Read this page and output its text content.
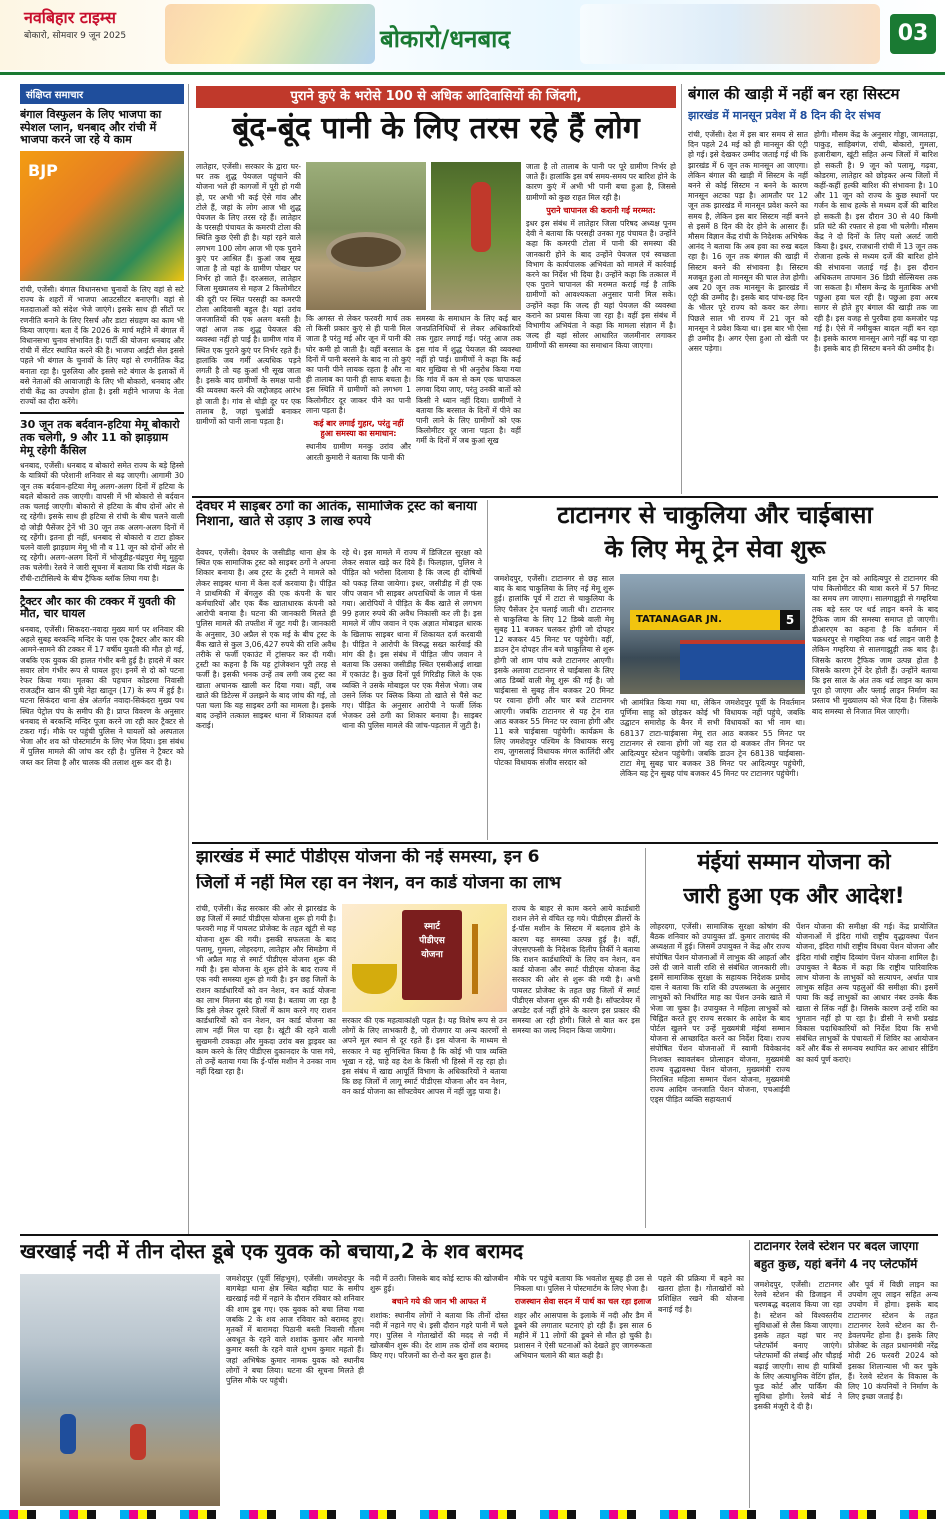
नवबिहार टाइम्स
बोकारो, सोमवार 9 जून 2025	बोकारो/धनबाद	03
संक्षिप्त समाचार
बंगाल विस्फुलन के लिए भाजपा का स्पेशल प्लान, धनबाद और रांची में भाजपा करने जा रहे ये काम
BJP
रांची, एजेंसी। बंगाल विधानसभा चुनावों के लिए वहां से सटे राज्य के शहरों में भाजपा आउटसीटर बनाएगी। वहां से मतदाताओं को संदेश भेजे जाएंगे। इसके साथ ही सीटों पर रणनीति बनाने के लिए रिसर्च और डाटा संग्रहण का काम भी किया जाएगा। बता दें कि 2026 के मार्च महीने में बंगाल में विधानसभा चुनाव संभावित है। पार्टी की योजना धनबाद और रांची में सेंटर स्थापित करने की है। भाजपा आईटी सेल इससे पहले भी बंगाल के चुनावों के लिए यहां से रणनीतिक केंद्र बनाता रहा है। पुरुलिया और इससे सटे बंगाल के इलाकों में बसे नेताओं की आवाजाही के लिए भी बोकारो, धनबाद और रांची केंद्र का उपयोग होता है। इसी महीने भाजपा के नेता राज्यों का दौरा करेंगे।
30 जून तक बर्दवान-हटिया मेमू बोकारो तक चलेगी, 9 और 11 को झाड़ग्राम मेमू रहेगी कैंसिल
धनबाद, एजेंसी। धनबाद व बोकारो समेत राज्य के बड़े हिस्से के यात्रियों की परेशानी शनिवार से बढ़ जाएगी। आगामी 30 जून तक बर्दवान-हटिया मेमू अलग-अलग दिनों में हटिया के बदले बोकारो तक जाएगी। वापसी में भी बोकारो से बर्दवान तक चलाई जाएगी। बोकारो से हटिया के बीच दोनों ओर से रद्द रहेगी। इसके साथ ही हटिया से रांची के बीच चलने वाली दो जोड़ी पैसेंजर ट्रेनें भी 30 जून तक अलग-अलग दिनों में रद्द रहेंगी। इतना ही नहीं, धनबाद से बोकारो व टाटा होकर चलने वाली झाड़ग्राम मेमू भी नौ व 11 जून को दोनों ओर से रद्द रहेगी। अलग-अलग दिनों में भोजूडीह-चंद्रपुरा मेमू मुहुदा तक चलेगी। रेलवे ने जारी सूचना में बताया कि रांची मंडल के राँची-टाटीसिल्वे के बीच ट्रैफिक ब्लॉक लिया गया है।
ट्रैक्टर और कार की टक्कर में युवती की मौत, चार घायल
धनबाद, एजेंसी। सिकदरा-नवादा मुख्य मार्ग पर शनिवार की अहले सुबह बरकन्दि मन्दिर के पास एक ट्रैक्टर और कार की आमने-सामने की टक्कर में 17 वर्षीय युवती की मौत हो गई, जबकि एक युवक की हालत गंभीर बनी हुई है। हादसे में कार सवार लोग गंभीर रूप से घायल हुए। इनमें से दो को पटना रेफर किया गया। मृतका की पहचान कोडरमा निवासी राजउद्दीन खान की पुत्री नेहा खातून (17) के रूप में हुई है। घटना सिकंदरा थाना क्षेत्र अंतर्गत नवादा-सिकंदरा मुख्य पथ स्थित पेट्रोल पंप के समीप की है। प्राप्त विवरण के अनुसार धनबाद से बरकन्दि मन्दिर पूजा करने जा रही कार ट्रैक्टर से टकरा गई। मौके पर पहुंची पुलिस ने घायलों को अस्पताल भेजा और शव को पोस्टमार्टम के लिए भेज दिया। इस संबंध में पुलिस मामले की जांच कर रही है। पुलिस ने ट्रैक्टर को जब्त कर लिया है और चालक की तलाश शुरू कर दी है।
पुराने कुएं के भरोसे 100 से अधिक आदिवासियों की जिंदगी,
बूंद-बूंद पानी के लिए तरस रहे हैं लोग
लातेहार, एजेंसी। सरकार के द्वारा घर-घर तक शुद्ध पेयजल पहुंचाने की योजना भले ही कागजों में पूरी हो गयी हो, पर अभी भी कई ऐसे गांव और टोले हैं, जहां के लोग आज भी शुद्ध पेयजल के लिए तरस रहे हैं। लातेहार के परसही पंचायत के कमरपी टोला की स्थिति कुछ ऐसी ही है। यहां रहने वाले लगभग 100 लोग आज भी एक पुराने कुएं पर आश्रित हैं। कुआं जब सूख जाता है तो यहां के ग्रामीण पोखर पर निर्भर हो जाते हैं। दरअसल, लातेहार जिला मुख्यालय से महज 2 किलोमीटर की दूरी पर स्थित परसही का कमरपी टोला आदिवासी बहुल है। यहां उरांव जनजातियों की एक अलग बस्ती है। जहां आज तक शुद्ध पेयजल की व्यवस्था नहीं हो पाई है। ग्रामीण गांव में स्थित एक पुराने कुएं पर निर्भर रहते हैं। हालांकि जब गर्मी अत्यधिक पड़ने लगती है तो यह कुआं भी सूख जाता है। इसके बाद ग्रामीणों के समक्ष पानी की व्यवस्था करने की जद्दोजहद आरंभ हो जाती है। गांव से थोड़ी दूर पर एक तालाब है, जहां चुआंडी बनाकर ग्रामीणों को पानी लाना पड़ता है।
कि अगस्त से लेकर फरवरी मार्च तक तो किसी प्रकार कुएं से ही पानी मिल जाता है परंतु मई और जून में पानी की घोर कमी हो जाती है। वहीं बरसात के दिनों में पानी बरसने के बाद ना तो कुएं का पानी पीने लायक रहता है और ना ही तालाब का पानी ही साफ बचता है। इस स्थिति में ग्रामीणों को लगभग 1 किलोमीटर दूर जाकर पीने का पानी लाना पड़ता है।
कई बार लगाई गुहार, परंतु नहीं हुआ समस्या का समाधान:
स्थानीय ग्रामीण मनकु उरांव और आरती कुमारी ने बताया कि पानी की
समस्या के समाधान के लिए कई बार जनप्रतिनिधियों से लेकर अधिकारियों तक गुहार लगाई गई। परंतु आज तक इस गांव में शुद्ध पेयजल की व्यवस्था नहीं हो पाई। ग्रामीणों ने कहा कि कई बार मुखिया से भी अनुरोध किया गया कि गांव में कम से कम एक चापाकल लगवा दिया जाए, परंतु उनकी बातों को किसी ने ध्यान नहीं दिया। ग्रामीणों ने बताया कि बरसात के दिनों में पीने का पानी लाने के लिए ग्रामीणों को एक किलोमीटर दूर जाना पड़ता है। वहीं गर्मी के दिनों में जब कुआं सूख
जाता है तो तालाब के पानी पर पूरे ग्रामीण निर्भर हो जाते हैं। हालांकि इस वर्ष समय-समय पर बारिश होने के कारण कुएं में अभी भी पानी बचा हुआ है, जिससे ग्रामीणों को कुछ राहत मिल रही है।
पुराने चापानल की करानी गई मरम्मत:
इधर इस संबंध में लातेहार जिला परिषद अध्यक्ष पूनम देवी ने बताया कि परसही उनका गृह पंचायत है। उन्होंने कहा कि कमरपी टोला में पानी की समस्या की जानकारी होने के बाद उन्होंने पेयजल एवं स्वच्छता विभाग के कार्यपालक अभियंता को मामले में कार्रवाई करने का निर्देश भी दिया है। उन्होंने कहा कि तत्काल में एक पुराने चापानल की मरम्मत कराई गई है ताकि ग्रामीणों को आवश्यकता अनुसार पानी मिल सके। उन्होंने कहा कि जल्द ही यहां पेयजल की व्यवस्था कराने का प्रयास किया जा रहा है। वहीं इस संबंध में विभागीय अभियंता ने कहा कि मामला संज्ञान में है। जल्द ही यहां सोलर आधारित जलमीनार लगाकर ग्रामीणों की समस्या का समाधान किया जाएगा।
बंगाल की खाड़ी में नहीं बन रहा सिस्टम
झारखंड में मानसून प्रवेश में 8 दिन की देर संभव
रांची, एजेंसी। देश में इस बार समय से सात दिन पहले 24 मई को ही मानसून की एंट्री हो गई। इसे देखकर उम्मीद जताई गई थी कि झारखंड में 6 जून तक मानसून आ जाएगा। लेकिन बंगाल की खाड़ी में सिस्टम के नहीं बनने से कोई सिस्टम न बनने के कारण मानसून अटका पड़ा है। आमतौर पर 12 जून तक झारखंड में मानसून प्रवेश करने का समय है, लेकिन इस बार सिस्टम नहीं बनने से इसमें 8 दिन की देर होने के आसार हैं। मौसम विज्ञान केंद्र रांची के निदेशक अभिषेक आनंद ने बताया कि अब हवा का रुख बदल रहा है। 16 जून तक बंगाल की खाड़ी में सिस्टम बनने की संभावना है। सिस्टम मजबूत हुआ तो मानसून की चाल तेज होगी। अब 20 जून तक मानसून के झारखंड में एंट्री की उम्मीद है। इसके बाद पांच-छह दिन के भीतर पूरे राज्य को कवर कर लेगा। पिछले साल भी राज्य में 21 जून को मानसून ने प्रवेश किया था। इस बार भी ऐसा ही उम्मीद है। अगर ऐसा हुआ तो खेती पर असर पड़ेगा।
होगी। मौसम केंद्र के अनुसार गोड्डा, जामताड़ा, पाकुड़, साहिबगंज, रांची, बोकारो, गुमला, हजारीबाग, खूंटी सहित अन्य जिलों में बारिश हो सकती है। 9 जून को पलामू, गढ़वा, कोडरमा, लातेहार को छोड़कर अन्य जिलों में कहीं-कहीं हल्की बारिश की संभावना है। 10 और 11 जून को राज्य के कुछ स्थानों पर गर्जन के साथ हल्के से मध्यम दर्जे की बारिश हो सकती है। इस दौरान 30 से 40 किमी प्रति घंटे की रफ्तार से हवा भी चलेगी। मौसम केंद्र ने दो दिनों के लिए यलो अलर्ट जारी किया है। इधर, राजधानी रांची में 13 जून तक रोजाना हल्के से मध्यम दर्जे की बारिश होने की संभावना जताई गई है। इस दौरान अधिकतम तापमान 36 डिग्री सेल्सियस तक जा सकता है। मौसम केन्द्र के मुताबिक अभी पछुआ हवा चल रही है। पछुआ हवा अरब सागर से होते हुए बंगाल की खाड़ी तक जा रही है। इस वजह से पुरवैया हवा कमजोर पड़ गई है। ऐसे में नमीयुक्त बादल नहीं बन रहा है। इसके कारण मानसून आगे नहीं बढ़ पा रहा है। इसके बाद ही सिस्टम बनने की उम्मीद है।
देवघर में साइबर ठगों का आतंक, सामाजिक ट्रस्ट को बनाया निशाना, खाते से उड़ाए 3 लाख रुपये
देवघर, एजेंसी। देवघर के जसीडीह थाना क्षेत्र के स्थित एक सामाजिक ट्रस्ट को साइबर ठगों ने अपना शिकार बनाया है। अब ट्रस्ट के ट्रस्टी ने मामले को लेकर साइबर थाना में केस दर्ज करवाया है। पीड़ित ने प्राथमिकी में बेंगलुरु की एक कंपनी के चार कर्मचारियों और एक बैंक खाताधारक कंपनी को आरोपी बनाया है। घटना की जानकारी मिलते ही पुलिस मामले की तफ्तीश में जुट गयी है। जानकारी के अनुसार, 30 अप्रैल से एक मई के बीच ट्रस्ट के बैंक खाते से कुल 3,06,427 रुपये की राशि अवैध तरीके से फर्जी एकाउंट में ट्रांसफर कर दी गयी। ट्रस्टी का कहना है कि यह ट्रांजेक्शन पूरी तरह से फर्जी है। इसकी भनक उन्हें तब लगी जब ट्रस्ट का खाता अचानक खाली कर दिया गया। वहीं, जब खाते की डिटेल्स में उलझने के बाद जांच की गई, तो पता चला कि यह साइबर ठगी का मामला है। इसके बाद उन्होंने तत्काल साइबर थाना में शिकायत दर्ज कराई।
रहे थे। इस मामले में राज्य में डिजिटल सुरक्षा को लेकर सवाल खड़े कर दिये हैं। फिलहाल, पुलिस ने पीड़ित को भरोसा दिलाया है कि जल्द ही दोषियों को पकड़ लिया जायेगा। इधर, जसीडीह में ही एक जीप जवान भी साइबर अपराधियों के जाल में फंस गया। आरोपियों ने पीड़ित के बैंक खाते से लगभग 99 हजार रुपये की अवैध निकासी कर ली है। इस मामले में जीप जवान ने एक अज्ञात मोबाइल धारक के खिलाफ साइबर थाना में शिकायत दर्ज करवायी है। पीड़ित ने आरोपी के विरुद्ध सख्त कार्रवाई की मांग की है। इस संबंध में पीड़ित जीप जवान ने बताया कि उसका जसीडीह स्थित एसबीआई शाखा में एकाउंट है। कुछ दिनों पूर्व गिरिडीह जिले के एक व्यक्ति ने उसके मोबाइल पर एक मैसेज भेजा। जब उसने लिंक पर क्लिक किया तो खाते से पैसे कट गए। पीड़ित के अनुसार आरोपी ने फर्जी लिंक भेजकर उसे ठगी का शिकार बनाया है। साइबर थाना की पुलिस मामले की जांच-पड़ताल में जुटी है।
टाटानगर से चाकुलिया और चाईबासा
के लिए मेमू ट्रेन सेवा शुरू
जमशेदपुर, एजेंसी। टाटानगर से छह साल बाद के बाद चाकुलिया के लिए नई मेमू शुरू हुई। हालांकि पूर्व में टाटा से चाकुलिया के लिए पैसेंजर ट्रेन चलाई जाती थी। टाटानगर से चाकुलिया के लिए 12 डिब्बे वाली मेमू सुबह 11 बजकर चलकर होगी जो दोपहर 12 बजकर 45 मिनट पर पहुंचेगी। वहीं, डाउन ट्रेन दोपहर तीन बजे चाकुलिया से शुरू होगी जो शाम पांच बजे टाटानगर आएगी। इसके अलावा टाटानगर से चाईबासा के लिए आठ डिब्बों वाली मेमू शुरू की गई है। जो चाईबासा से सुबह तीन बजकर 20 मिनट पर रवाना होगी और चार बजे टाटानगर आएगी। जबकि टाटानगर से यह ट्रेन रात आठ बजकर 55 मिनट पर रवाना होगी और 11 बजे चाईबासा पहुंचेगी। कार्यक्रम के लिए जमशेदपुर पश्चिम के विधायक सरयू राय, जुगसलाई विधायक मंगल कालिंदी और पोटका विधायक संजीव सरदार को
TATANAGAR JN.	5
भी आमंत्रित किया गया था, लेकिन जमशेदपुर पूर्वी के निवर्तमान पूर्णिमा साहू को छोड़कर कोई भी विधायक नहीं पहुंचे, जबकि उद्घाटन समारोह के बैनर में सभी विधायकों का भी नाम था। 68137 टाटा-चाईबासा मेमू रात आठ बजकर 55 मिनट पर टाटानगर से रवाना होगी जो यह रात दो बजकर तीन मिनट पर आदित्यपुर स्टेशन पहुंचेगी। जबकि डाउन ट्रेन 68138 चाईबासा-टाटा मेमू सुबह चार बजकर 38 मिनट पर आदित्यपुर पहुंचेगी, लेकिन यह ट्रेन सुबह पांच बजकर 45 मिनट पर टाटानगर पहुंचेगी।
यानि इस ट्रेन को आदित्यपुर से टाटानगर की पांच किलोमीटर की यात्रा करने में 57 मिनट का समय लग जाएगा। सालगाझुड़ी से गम्हरिया तक बड़े स्तर पर थर्ड लाइन बनने के बाद ट्रैफिक जाम की समस्या समाप्त हो जाएगी। डीआरएम का कहना है कि वर्तमान में चक्रधरपुर से गम्हरिया तक थर्ड लाइन जारी है लेकिन गम्हरिया से सालगाझुड़ी तक बाद है। जिसके कारण ट्रैफिक जाम उत्पन्न होता है जिसके कारण ट्रेनें देर होती हैं। उन्होंने बताया कि इस साल के अंत तक थर्ड लाइन का काम पूरा हो जाएगा और फ्लाई लाइन निर्माण का प्रस्ताव भी मुख्यालय को भेज दिया है। जिसके बाद समस्या से निजात मिल जाएगी।
झारखंड में स्मार्ट पीडीएस योजना की नई समस्या, इन 6
जिलों में नहीं मिल रहा वन नेशन, वन कार्ड योजना का लाभ
रांची, एजेंसी। केंद्र सरकार की ओर से झारखंड के छह जिलों में स्मार्ट पीडीएस योजना शुरू हो गयी है। फरवरी माह में पायलट प्रोजेक्ट के तहत खूंटी से यह योजना शुरू की गयी। इसकी सफलता के बाद पलामू, गुमला, लोहरदगा, लातेहार और सिमडेगा में भी अप्रैल माह से स्मार्ट पीडीएस योजना शुरू की गयी है। इस योजना के शुरू होने के बाद राज्य में एक नयी समस्या शुरू हो गयी है। इन छह जिलों के राशन कार्डधारियों को वन नेशन, वन कार्ड योजना का लाभ मिलना बंद हो गया है। बताया जा रहा है कि इसे लेकर दूसरे जिलों में काम करने गए राशन कार्डधारियों को वन नेशन, वन कार्ड योजना का लाभ नहीं मिल पा रहा है। खूंटी की रहने वाली सुखमनी टवकड़ा और मुकदा उरांव बस ड्राइवर का काम करने के लिए पीडीएस दुकानदार के पास गये, तो उन्हें बताया गया कि ई-पॉस मशीन ने उनका नाम नहीं दिखा रहा है।
स्मार्ट
पीडीएस
योजना
सरकार की एक महत्वाकांक्षी पहल है। यह विशेष रूप से उन लोगों के लिए लाभकारी है, जो रोजगार या अन्य कारणों से अपने मूल स्थान से दूर रहते हैं। इस योजना के माध्यम से सरकार ने यह सुनिश्चित किया है कि कोई भी पात्र व्यक्ति भूखा न रहे, चाहे वह देश के किसी भी हिस्से में रह रहा हो। इस संबंध में खाद्य आपूर्ति विभाग के अधिकारियों ने बताया कि छह जिलों में लागू स्मार्ट पीडीएस योजना और वन नेशन, वन कार्ड योजना का सॉफ्टवेयर आपस में नहीं जुड़ पाया है।
राज्य के बाहर से काम करने आये कार्डधारी राशन लेने से वंचित रह गये। पीडीएस डीलरों के ई-पॉस मशीन के सिस्टम में बदलाव होने के कारण यह समस्या उत्पन्न हुई है। वहीं, जेएसएफसी के निदेशक दिलीप तिर्की ने बताया कि राशन कार्डधारियों के लिए वन नेशन, वन कार्ड योजना और स्मार्ट पीडीएस योजना केंद्र सरकार की ओर से शुरू की गयी है। अभी पायलट प्रोजेक्ट के तहत छह जिलों में स्मार्ट पीडीएस योजना शुरू की गयी है। सॉफ्टवेयर में अपडेट दर्ज नहीं होने के कारण इस प्रकार की समस्या आ रही होगी। जिले से बात कर इस समस्या का जल्द निदान किया जायेगा।
मंईयां सम्मान योजना को
जारी हुआ एक और आदेश!
लोहरदगा, एजेंसी। सामाजिक सुरक्षा कोषांग की बैठक शनिवार को उपायुक्त डॉ. कुमार ताराचंद की अध्यक्षता में हुई। जिसमें उपायुक्त ने केंद्र और राज्य संपोषित पेंशन योजनाओं में लाभुक की आहर्ता और उसे दी जाने वाली राशि से संबंधित जानकारी ली। इसमें सामाजिक सुरक्षा के सहायक निदेशक प्रमोद दास ने बताया कि राशि की उपलब्धता के अनुसार लाभुकों को निर्धारित माह का पेंशन उनके खाते में भेजा जा चुका है। उपायुक्त ने महिला लाभुकों को चिह्नित करते हुए राज्य सरकार के आदेश के बाद पोर्टल खुलने पर उन्हें मुख्यमंत्री मंईयां सम्मान योजना से आच्छादित करने का निर्देश दिया। राज्य संपोषित पेंशन योजनाओं में स्वामी विवेकानंद निःशक्त स्वावलंबन प्रोत्साहन योजना, मुख्यमंत्री राज्य वृद्धावस्था पेंशन योजना, मुख्यमंत्री राज्य निराश्रित महिला सम्मान पेंशन योजना, मुख्यमंत्री राज्य आदिम जनजाति पेंशन योजना, एचआईवी एड्स पीड़ित व्यक्ति सहायतार्थ
पेंशन योजना की समीक्षा की गई। केंद्र प्रायोजित योजनाओं में इंदिरा गांधी राष्ट्रीय वृद्धावस्था पेंशन योजना, इंदिरा गांधी राष्ट्रीय विधवा पेंशन योजना और इंदिरा गांधी राष्ट्रीय दिव्यांग पेंशन योजना शामिल है। उपायुक्त ने बैठक में कहा कि राष्ट्रीय पारिवारिक लाभ योजना के लाभुकों को सत्यापन, अर्थात पात्र लाभुक सहित अन्य पहलुओं की समीक्षा की। इसमें पाया कि कई लाभुकों का आधार नंबर उनके बैंक खाता से लिंक नहीं है। जिसके कारण उन्हें राशि का भुगतान नहीं हो पा रहा है। डीसी ने सभी प्रखंड विकास पदाधिकारियों को निर्देश दिया कि सभी संबंधित लाभुकों के पंचायतों में शिविर का आयोजन करें और बैंक से समन्वय स्थापित कर आधार सीडिंग का कार्य पूर्ण कराएं।
खरखाई नदी में तीन दोस्त डूबे एक युवक को बचाया,2 के शव बरामद
जमशेदपुर (पूर्वी सिंहभूम), एजेंसी। जमशेदपुर के बागबेड़ा थाना क्षेत्र स्थित बड़ौदा घाट के समीप खरखाई नदी में नहाने के दौरान रविवार को शनिवार की शाम डूब गए। एक युवक को बचा लिया गया जबकि 2 के शव आज रविवार को बरामद हुए। मृतकों में बारामदा पिठानी बस्ती निवासी गौतम अवधूत के रहने वाले शशांक कुमार और मानगो कुमार बस्ती के रहने वाले शुभम कुमार महतो हैं। जहां अभिषेक कुमार नामक युवक को स्थानीय लोगों ने बचा लिया। घटना की सूचना मिलते ही पुलिस मौके पर पहुंची।
नदी में उतरी। जिसके बाद कोई स्टाफ की खोजबीन शुरू हुई।
बचाने गये की जान भी आफत में
शशांक: स्थानीय लोगों ने बताया कि तीनों दोस्त नदी में नहाने गए थे। इसी दौरान गहरे पानी में चले गए। पुलिस ने गोताखोरों की मदद से नदी में खोजबीन शुरू की। देर शाम तक दोनों शव बरामद किए गए। परिजनों का रो-रो कर बुरा हाल है।
मौके पर पहुंचे बताया कि भवतोश सुबह ही उस से निकला था। पुलिस ने पोस्टमार्टम के लिए भेजा है।
राजस्थान सेवा सदन में पार्थ का चल रहा इलाज
शहर और आसपास के इलाके में नदी और डैम में डूबने की लगातार घटनाएं हो रही हैं। इस साल 6 महीने में 11 लोगों की डूबने से मौत हो चुकी है। प्रशासन ने ऐसी घटनाओं को देखते हुए जागरूकता अभियान चलाने की बात कही है।
पहले की प्रक्रिया में बहने का खतरा होता है। गोताखोरों को प्रशिक्षित रखने की योजना बनाई गई है।
टाटानगर रेलवे स्टेशन पर बदल जाएगा
बहुत कुछ, यहां बनेंगे 4 नए प्लेटफॉर्म
जमशेदपुर, एजेंसी। टाटानगर रेलवे स्टेशन की डिजाइन में चरणबद्ध बदलाव किया जा रहा है। स्टेशन को विश्वस्तरीय सुविधाओं से लैस किया जाएगा। इसके तहत यहां चार नए प्लेटफॉर्म बनाए जाएंगे। प्लेटफार्मों की लंबाई और चौड़ाई बढ़ाई जाएगी। साथ ही यात्रियों के लिए अत्याधुनिक वेटिंग हॉल, फूड कोर्ट और पार्किंग की सुविधा होगी। रेलवे बोर्ड ने इसकी मंजूरी दे दी है।
और पूर्व में विछी लाइन का उपयोग लूप लाइन सहित अन्य उपयोग में होगा। इसके बाद टाटानगर स्टेशन के तहत टाटानगर रेलवे स्टेशन का री-डेवलपमेंट होना है। इसके लिए प्रोजेक्ट के तहत प्रधानमंत्री नरेंद्र मोदी 26 फरवरी 2024 को इसका शिलान्यास भी कर चुके हैं। रेलवे स्टेशन के विकास के लिए 10 कंपनियों ने निर्माण के लिए इच्छा जताई है।
